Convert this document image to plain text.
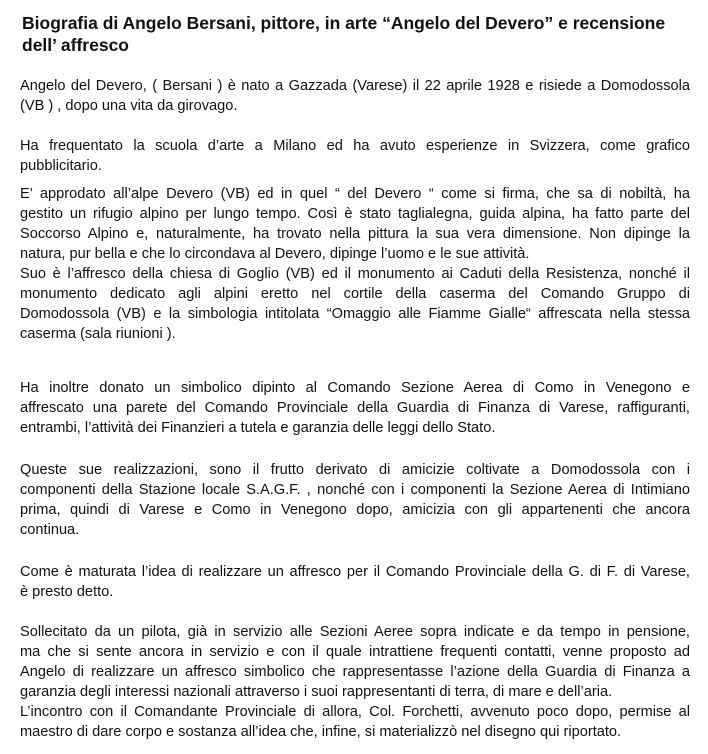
Biografia di Angelo Bersani, pittore, in arte “Angelo del Devero” e recensione
dell’ affresco
Angelo del Devero, ( Bersani ) è nato a Gazzada (Varese) il 22 aprile 1928 e risiede a Domodossola
(VB ) , dopo una vita da girovago.
Ha frequentato la scuola d’arte a Milano ed ha avuto esperienze in Svizzera, come grafico
pubblicitario.
E’ approdato all’alpe Devero (VB) ed in quel “ del Devero “ come si firma, che sa di nobiltà, ha
gestito un rifugio alpino per lungo tempo. Così è stato taglialegna, guida alpina, ha fatto parte del
Soccorso Alpino e, naturalmente, ha trovato nella pittura la sua vera dimensione. Non dipinge la
natura, pur bella e che lo circondava al Devero, dipinge l’uomo e le sue attività.
Suo è l’affresco della chiesa di Goglio (VB) ed il monumento ai Caduti della Resistenza, nonché il
monumento dedicato agli alpini eretto nel cortile della caserma del Comando Gruppo di
Domodossola (VB) e la simbologia intitolata “Omaggio alle Fiamme Gialle“ affrescata nella stessa
caserma (sala riunioni ).
Ha inoltre donato un simbolico dipinto al Comando Sezione Aerea di Como in Venegono e
affrescato una parete del Comando Provinciale della Guardia di Finanza di Varese, raffiguranti,
entrambi, l’attività dei Finanzieri a tutela e garanzia delle leggi dello Stato.
Queste sue realizzazioni, sono il frutto derivato di amicizie coltivate a Domodossola con i
componenti della Stazione locale S.A.G.F. , nonché con i componenti la Sezione Aerea di Intimiano
prima, quindi di Varese e Como in Venegono dopo, amicizia con gli appartenenti che ancora
continua.
Come è maturata l’idea di realizzare un affresco per il Comando Provinciale della G. di F. di Varese,
è presto detto.
Sollecitato da un pilota, già in servizio alle Sezioni Aeree sopra indicate e da tempo in pensione,
ma che si sente ancora in servizio e con il quale intrattiene frequenti contatti, venne proposto ad
Angelo di realizzare un affresco simbolico che rappresentasse l’azione della Guardia di Finanza a
garanzia degli interessi nazionali attraverso i suoi rappresentanti di terra, di mare e dell’aria.
L’incontro con il Comandante Provinciale di allora, Col. Forchetti, avvenuto poco dopo, permise al
maestro di dare corpo e sostanza all’idea che, infine, si materializzò nel disegno qui riportato.
